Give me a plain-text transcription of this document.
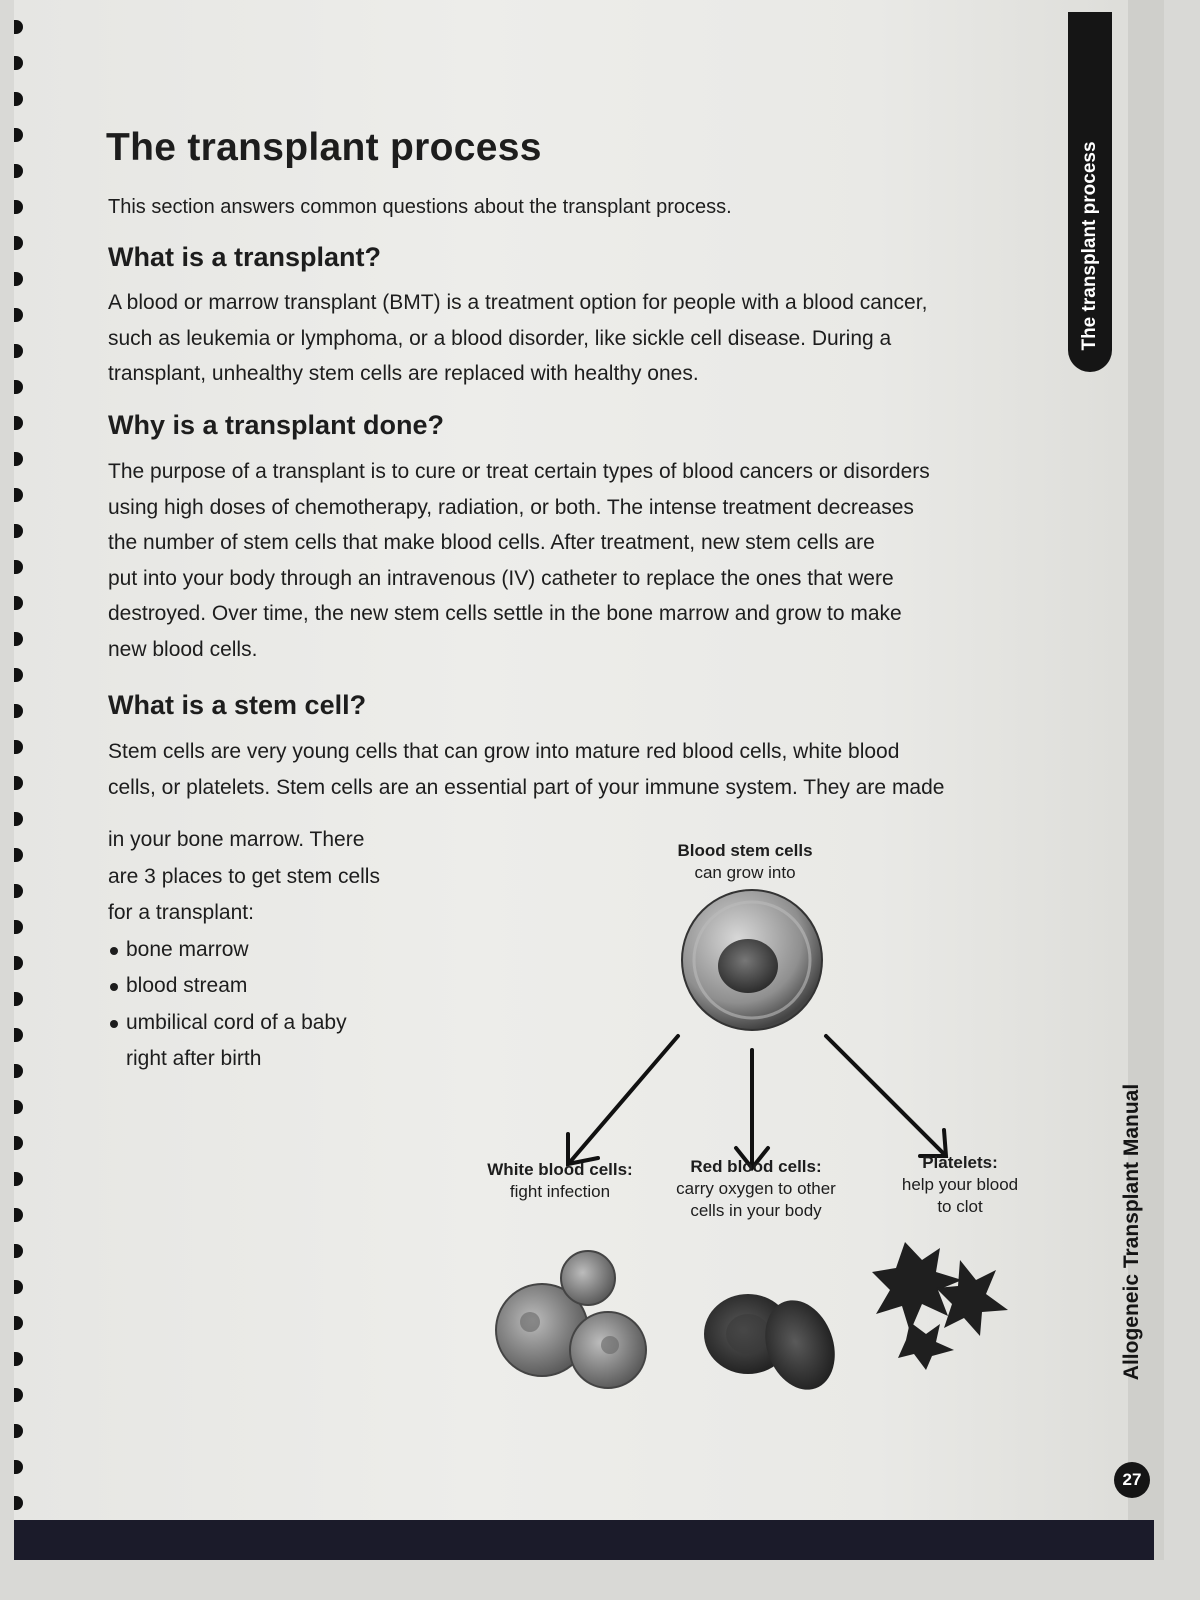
The transplant process

This section answers common questions about the transplant process.

What is a transplant?
A blood or marrow transplant (BMT) is a treatment option for people with a blood cancer,
such as leukemia or lymphoma, or a blood disorder, like sickle cell disease. During a
transplant, unhealthy stem cells are replaced with healthy ones.
Why is a transplant done?
The purpose of a transplant is to cure or treat certain types of blood cancers or disorders
using high doses of chemotherapy, radiation, or both. The intense treatment decreases
the number of stem cells that make blood cells. After treatment, new stem cells are
put into your body through an intravenous (IV) catheter to replace the ones that were
destroyed. Over time, the new stem cells settle in the bone marrow and grow to make
new blood cells.
What is a stem cell?
Stem cells are very young cells that can grow into mature red blood cells, white blood
cells, or platelets. Stem cells are an essential part of your immune system. They are made

in your bone marrow. There

are 3 places to get stem cells

for a transplant:

bone marrow
blood stream
umbilical cord of a baby
right after birth
Blood stem cells
can grow into
White blood cells:
fight infection
Red blood cells:
carry oxygen to other
cells in your body
Platelets:
help your blood
to clot
The transplant process
Allogeneic Transplant Manual
27
